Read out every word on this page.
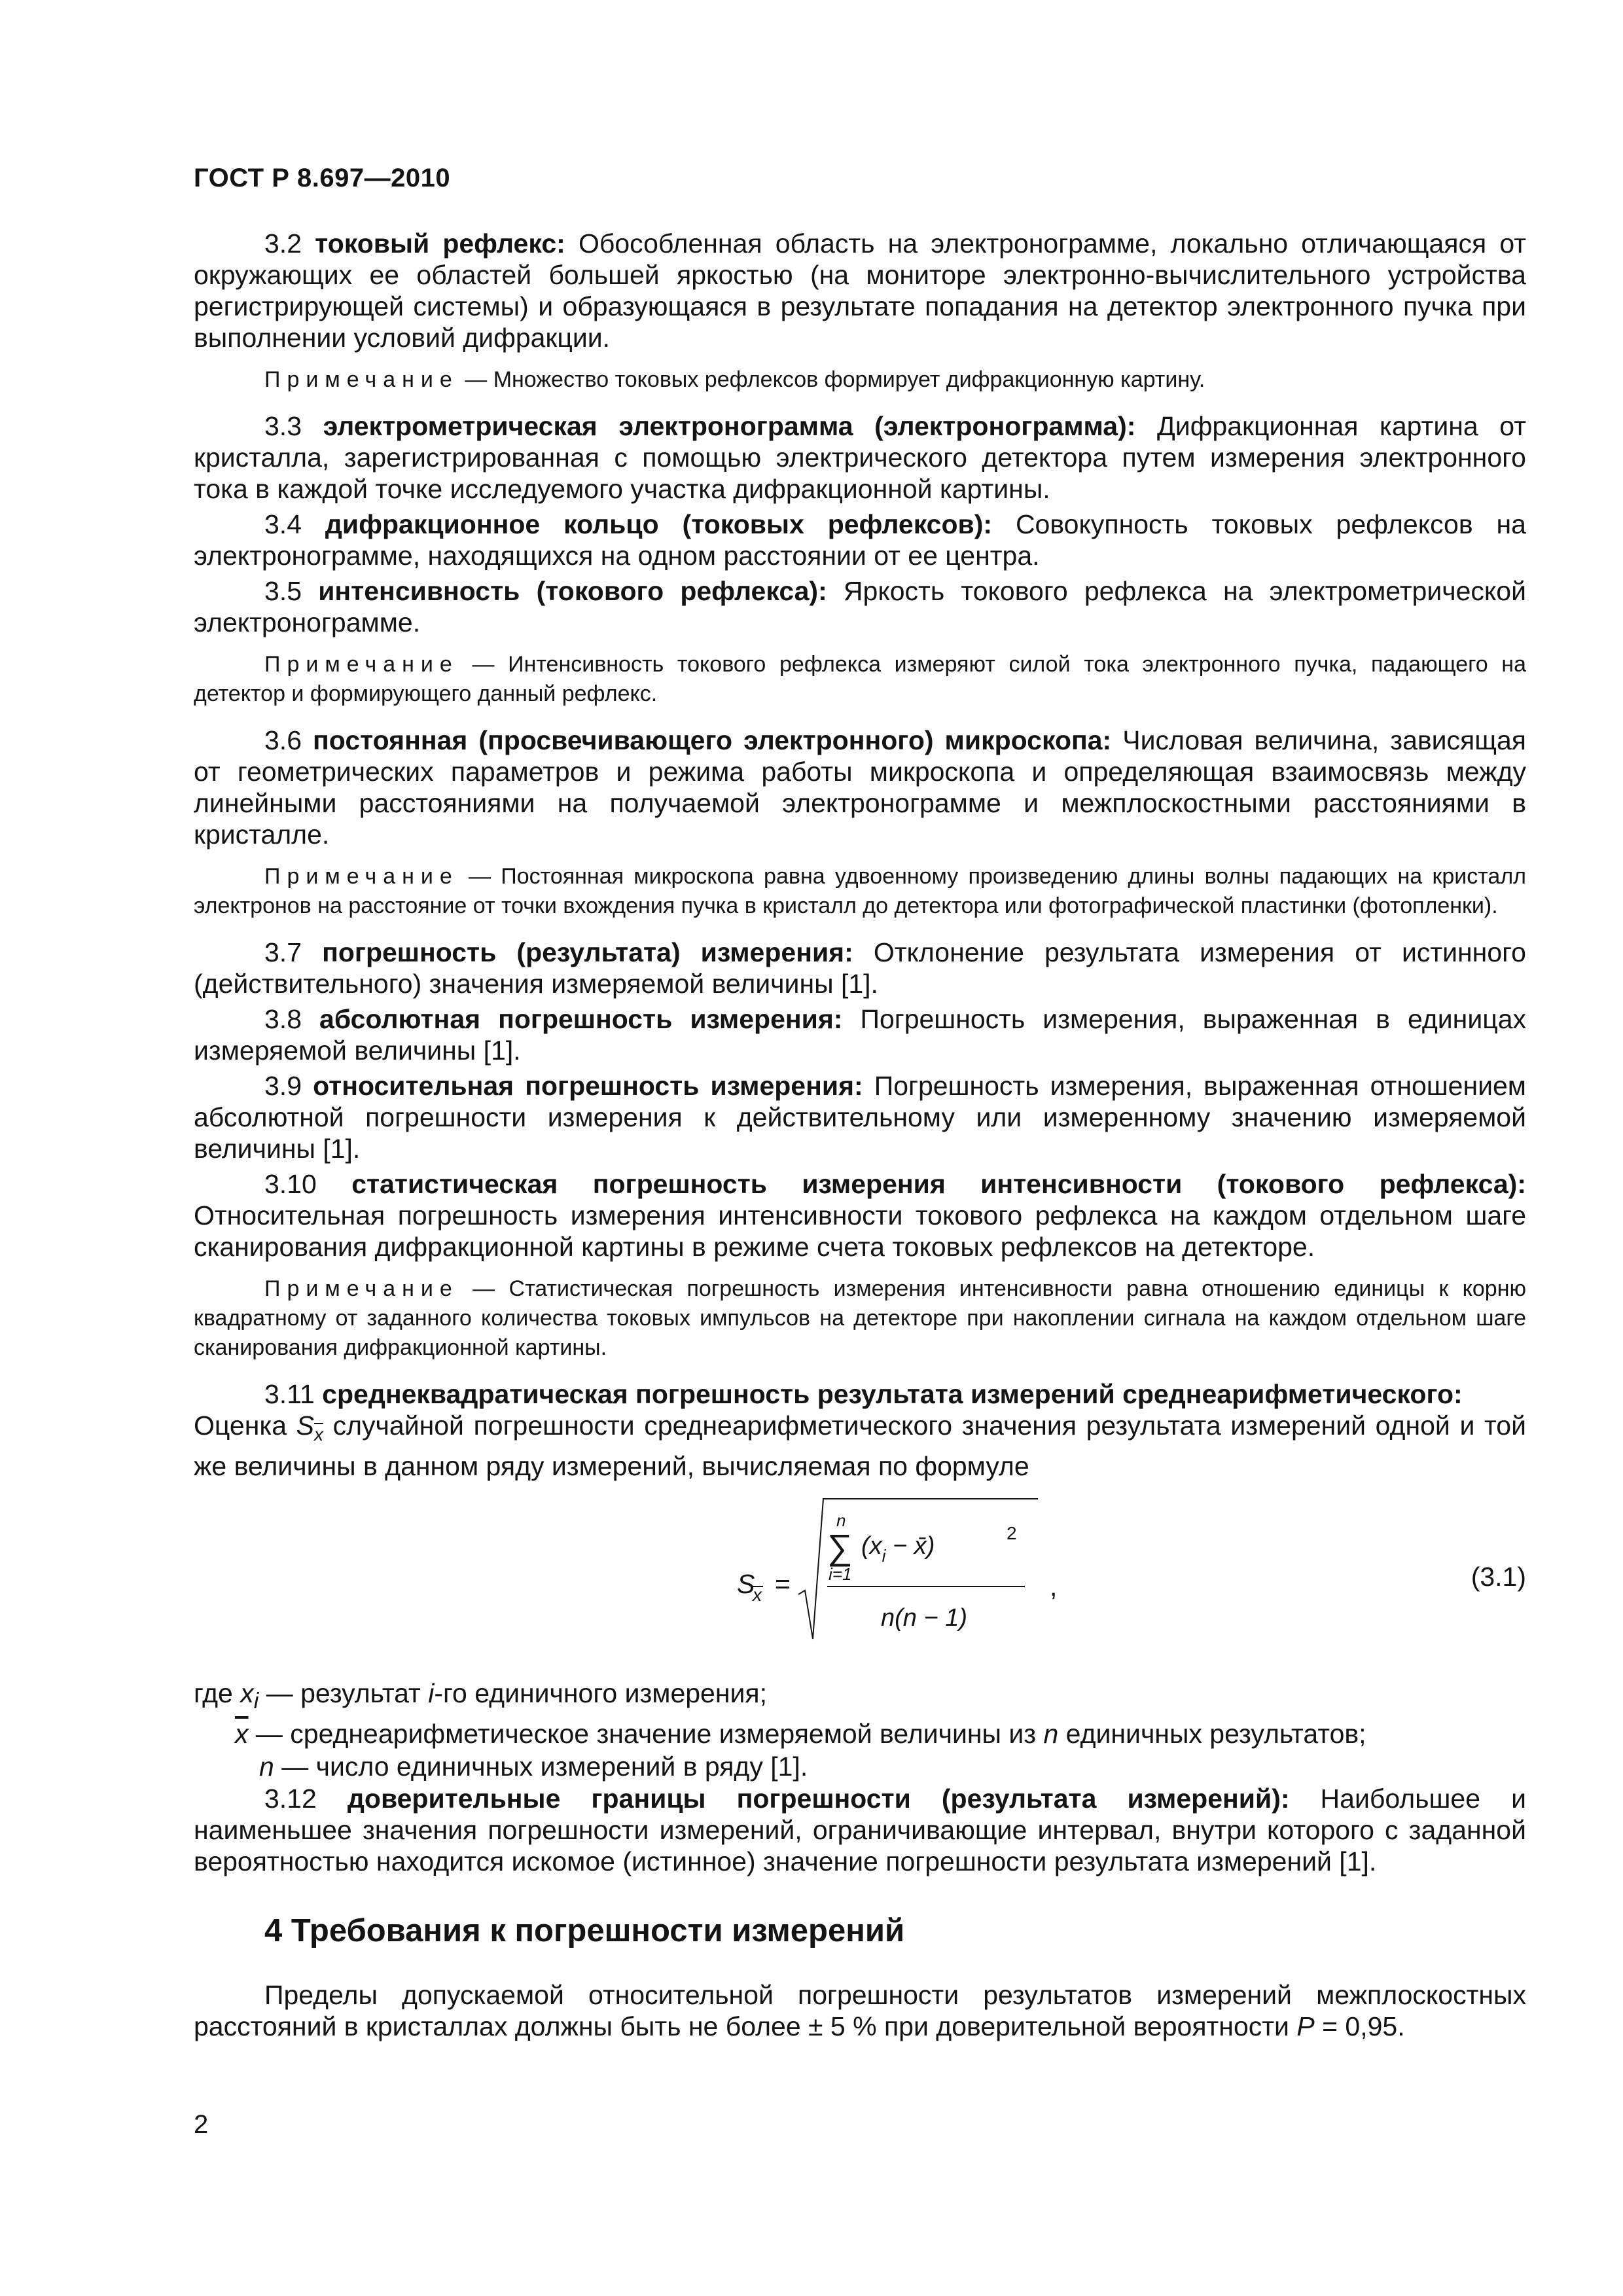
ГОСТ Р 8.697—2010

3.2 токовый рефлекс: Обособленная область на электронограмме, локально отличающаяся от окружающих ее областей большей яркостью (на мониторе электронно-вычислительного устройства регистрирующей системы) и образующаяся в результате попадания на детектор электронного пучка при выполнении условий дифракции.

Примечание — Множество токовых рефлексов формирует дифракционную картину.

3.3 электрометрическая электронограмма (электронограмма): Дифракционная картина от кристалла, зарегистрированная с помощью электрического детектора путем измерения электронного тока в каждой точке исследуемого участка дифракционной картины.

3.4 дифракционное кольцо (токовых рефлексов): Совокупность токовых рефлексов на электронограмме, находящихся на одном расстоянии от ее центра.

3.5 интенсивность (токового рефлекса): Яркость токового рефлекса на электрометрической электронограмме.

Примечание — Интенсивность токового рефлекса измеряют силой тока электронного пучка, падающего на детектор и формирующего данный рефлекс.

3.6 постоянная (просвечивающего электронного) микроскопа: Числовая величина, зависящая от геометрических параметров и режима работы микроскопа и определяющая взаимосвязь между линейными расстояниями на получаемой электронограмме и межплоскостными расстояниями в кристалле.

Примечание — Постоянная микроскопа равна удвоенному произведению длины волны падающих на кристалл электронов на расстояние от точки вхождения пучка в кристалл до детектора или фотографической пластинки (фотопленки).

3.7 погрешность (результата) измерения: Отклонение результата измерения от истинного (действительного) значения измеряемой величины [1].

3.8 абсолютная погрешность измерения: Погрешность измерения, выраженная в единицах измеряемой величины [1].

3.9 относительная погрешность измерения: Погрешность измерения, выраженная отношением абсолютной погрешности измерения к действительному или измеренному значению измеряемой величины [1].

3.10 статистическая погрешность измерения интенсивности (токового рефлекса): Относительная погрешность измерения интенсивности токового рефлекса на каждом отдельном шаге сканирования дифракционной картины в режиме счета токовых рефлексов на детекторе.

Примечание — Статистическая погрешность измерения интенсивности равна отношению единицы к корню квадратному от заданного количества токовых импульсов на детекторе при накоплении сигнала на каждом отдельном шаге сканирования дифракционной картины.

3.11 среднеквадратическая погрешность результата измерений среднеарифметического:
Оценка $S_{\overline{x}}$ случайной погрешности среднеарифметического значения результата измерений одной и той же величины в данном ряду измерений, вычисляемая по формуле

S
x =
n
∑
i=1
($x_i$ − x̄)	2
n(n − 1)
,	(3.1)
где $x_i$ — результат i-го единичного измерения;
$\overline{x}$ — среднеарифметическое значение измеряемой величины из n единичных результатов;
n — число единичных измерений в ряду [1].

3.12 доверительные границы погрешности (результата измерений): Наибольшее и наименьшее значения погрешности измерений, ограничивающие интервал, внутри которого с заданной вероятностью находится искомое (истинное) значение погрешности результата измерений [1].

4 Требования к погрешности измерений

Пределы допускаемой относительной погрешности результатов измерений межплоскостных расстояний в кристаллах должны быть не более ± 5 % при доверительной вероятности P = 0,95.

2
